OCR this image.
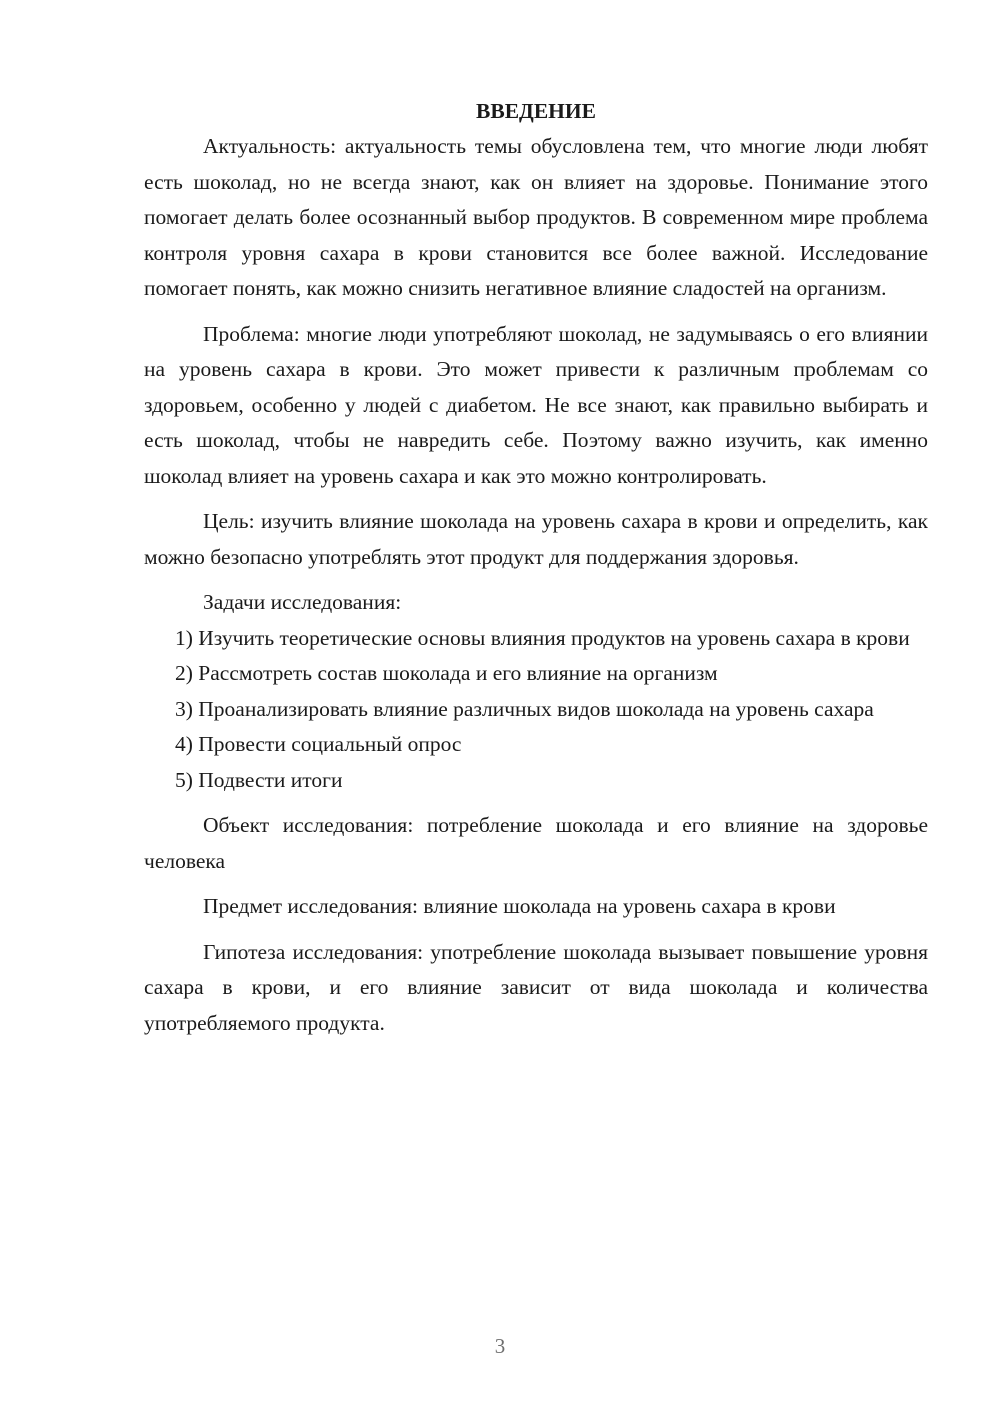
ВВЕДЕНИЕ

Актуальность: актуальность темы обусловлена тем, что многие люди любят есть шоколад, но не всегда знают, как он влияет на здоровье. Понимание этого помогает делать более осознанный выбор продуктов. В современном мире проблема контроля уровня сахара в крови становится все более важной. Исследование помогает понять, как можно снизить негативное влияние сладостей на организм.

Проблема: многие люди употребляют шоколад, не задумываясь о его влиянии на уровень сахара в крови. Это может привести к различным проблемам со здоровьем, особенно у людей с диабетом. Не все знают, как правильно выбирать и есть шоколад, чтобы не навредить себе. Поэтому важно изучить, как именно шоколад влияет на уровень сахара и как это можно контролировать.

Цель: изучить влияние шоколада на уровень сахара в крови и определить, как можно безопасно употреблять этот продукт для поддержания здоровья.

Задачи исследования:

1) Изучить теоретические основы влияния продуктов на уровень сахара в крови

2) Рассмотреть состав шоколада и его влияние на организм

3) Проанализировать влияние различных видов шоколада на уровень сахара

4) Провести социальный опрос

5) Подвести итоги

Объект исследования: потребление шоколада и его влияние на здоровье человека

Предмет исследования: влияние шоколада на уровень сахара в крови

Гипотеза исследования: употребление шоколада вызывает повышение уровня сахара в крови, и его влияние зависит от вида шоколада и количества употребляемого продукта.

3
